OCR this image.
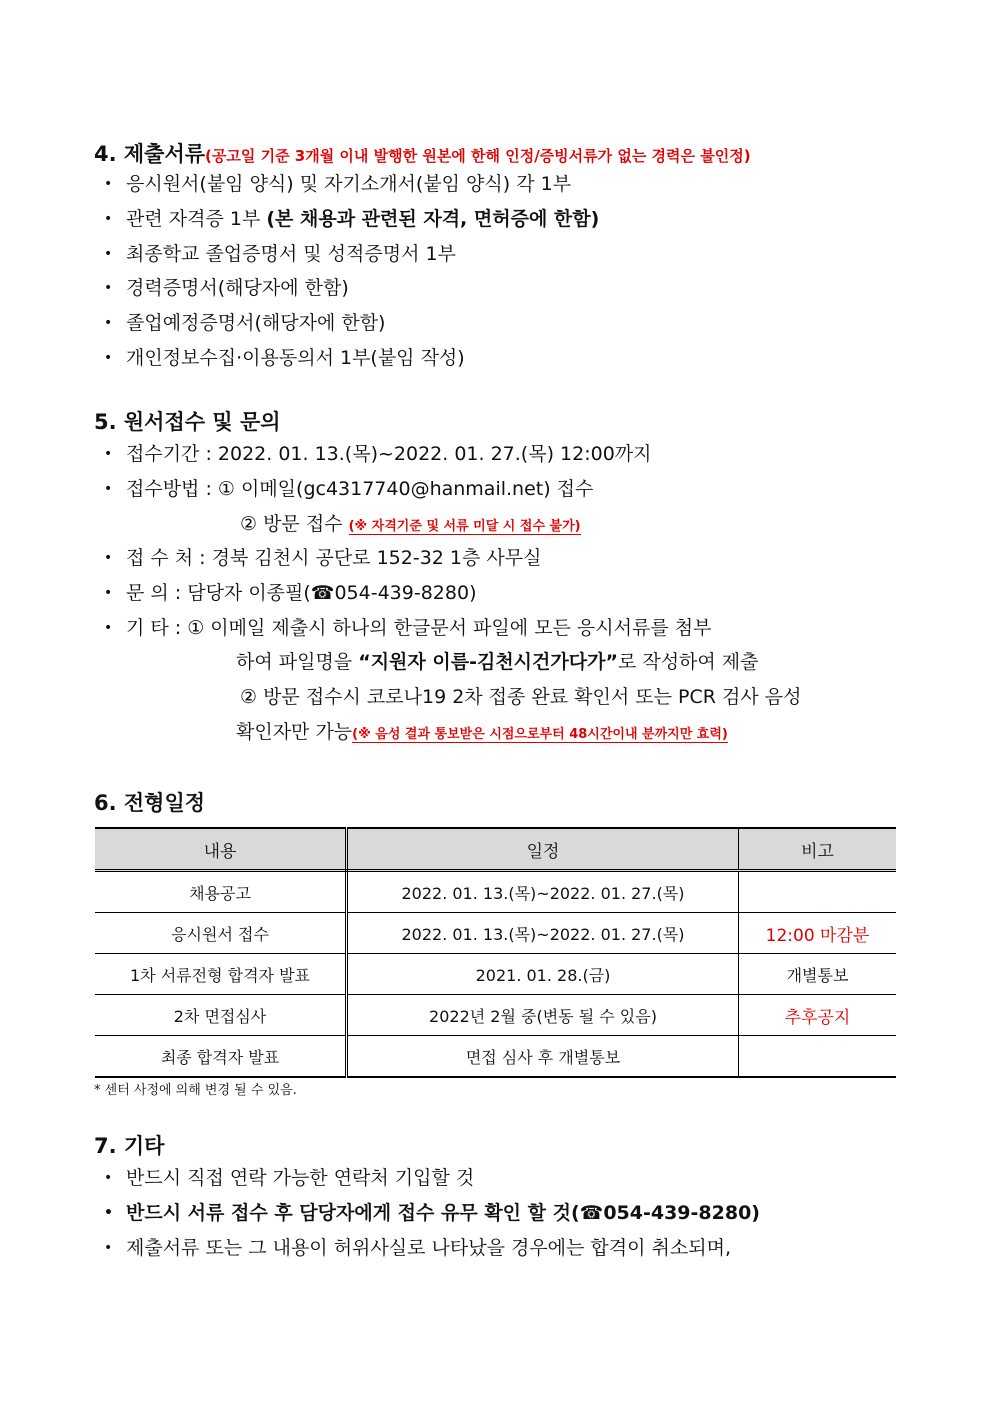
4. 제출서류(공고일 기준 3개월 이내 발행한 원본에 한해 인정/증빙서류가 없는 경력은 불인정)
• 응시원서(붙임 양식) 및 자기소개서(붙임 양식) 각 1부
• 관련 자격증 1부 (본 채용과 관련된 자격, 면허증에 한함)
• 최종학교 졸업증명서 및 성적증명서 1부
• 경력증명서(해당자에 한함)
• 졸업예정증명서(해당자에 한함)
• 개인정보수집·이용동의서 1부(붙임 작성)
5. 원서접수 및 문의
• 접수기간 : 2022. 01. 13.(목)~2022. 01. 27.(목) 12:00까지
• 접수방법 : ① 이메일(gc4317740@hanmail.net) 접수
② 방문 접수 (※ 자격기준 및 서류 미달 시 접수 불가)
• 접 수 처 : 경북 김천시 공단로 152-32 1층 사무실
• 문 의 : 담당자 이종필(☎054-439-8280)
• 기 타 : ① 이메일 제출시 하나의 한글문서 파일에 모든 응시서류를 첨부
하여 파일명을 “지원자 이름-김천시건가다가”로 작성하여 제출
② 방문 접수시 코로나19 2차 접종 완료 확인서 또는 PCR 검사 음성
확인자만 가능(※ 음성 결과 통보받은 시점으로부터 48시간이내 분까지만 효력)
6. 전형일정
내용	일정	비고
채용공고	2022. 01. 13.(목)~2022. 01. 27.(목)	
응시원서 접수	2022. 01. 13.(목)~2022. 01. 27.(목)	12:00 마감분
1차 서류전형 합격자 발표	2021. 01. 28.(금)	개별통보
2차 면접심사	2022년 2월 중(변동 될 수 있음)	추후공지
최종 합격자 발표	면접 심사 후 개별통보	
* 센터 사정에 의해 변경 될 수 있음.
7. 기타
• 반드시 직접 연락 가능한 연락처 기입할 것
• 반드시 서류 접수 후 담당자에게 접수 유무 확인 할 것(☎054-439-8280)
• 제출서류 또는 그 내용이 허위사실로 나타났을 경우에는 합격이 취소되며,
